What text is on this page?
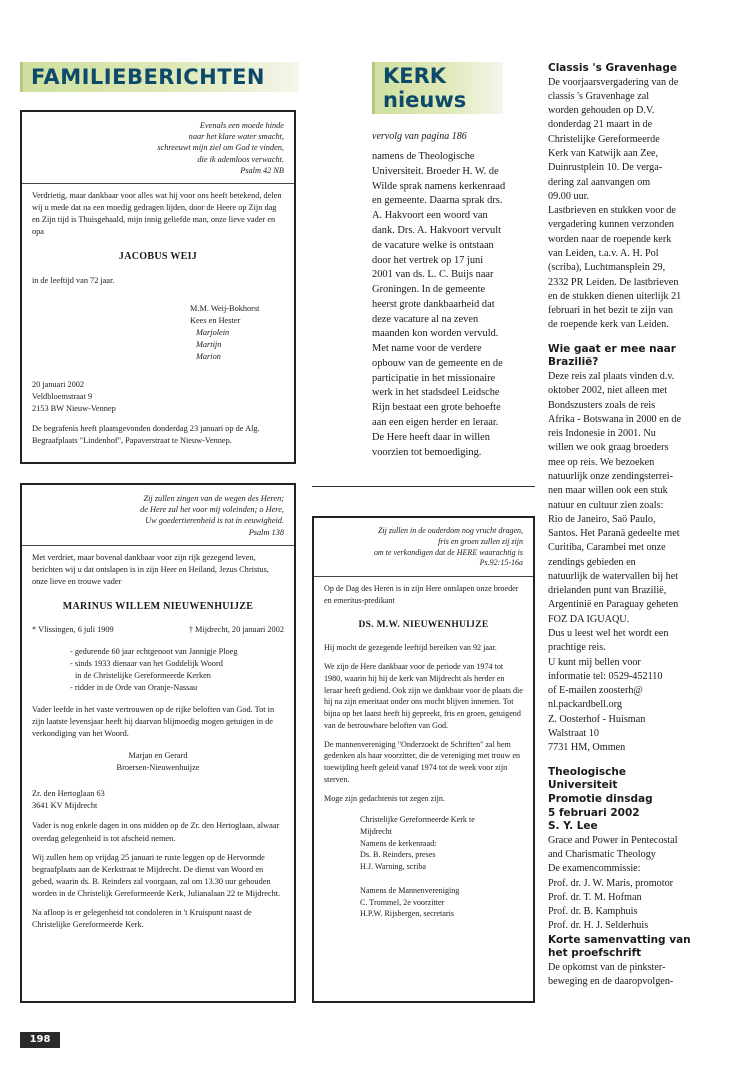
FAMILIEBERICHTEN	KERK
nieuws
Evenals een moede hinde
naar het klare water smacht,
schreeuwt mijn ziel om God te vinden,
die ik ademloos verwacht.
Psalm 42 NB

Verdrietig, maar dankbaar voor alles wat hij voor ons heeft betekend, delen wij u mede dat na een moedig gedragen lijden, door de Heere op Zijn dag en Zijn tijd is Thuisgehaald, mijn innig geliefde man, onze lieve vader en opa

JACOBUS WEIJ

in de leeftijd van 72 jaar.

M.M. Weij-Bokhorst
Kees en Hester
Marjolein
Martijn
Marion
20 januari 2002
Veldbloemstraat 9
2153 BW Nieuw-Vennep

De begrafenis heeft plaatsgevonden donderdag 23 januari op de Alg. Begraafplaats "Lindenhof", Papaverstraat te Nieuw-Vennep.

Zij zullen zingen van de wegen des Heren;
de Here zal het voor mij voleinden; o Here,
Uw goedertierenheid is tot in eeuwigheid.
Psalm 138

Met verdriet, maar bovenal dankbaar voor zijn rijk gezegend leven, berichten wij u dat ontslapen is in zijn Heer en Heiland, Jezus Christus, onze lieve en trouwe vader

MARINUS WILLEM NIEUWENHUIJZE
* Vlissingen, 6 juli 1909	† Mijdrecht, 20 januari 2002
- gedurende 60 jaar echtgenoot van Jannigje Ploeg
- sinds 1933 dienaar van het Goddelijk Woord
in de Christelijke Gereformeerde Kerken
- ridder in de Orde van Oranje-Nassau

Vader leefde in het vaste vertrouwen op de rijke beloften van God. Tot in zijn laatste levensjaar heeft hij daarvan blijmoedig mogen getuigen in de verkondiging van het Woord.

Marjan en Gerard
Broersen-Nieuwenhuijze
Zr. den Hertoglaan 63
3641 KV Mijdrecht

Vader is nog enkele dagen in ons midden op de Zr. den Hertoglaan, alwaar overdag gelegenheid is tot afscheid nemen.

Wij zullen hem op vrijdag 25 januari te ruste leggen op de Hervormde begraafplaats aan de Kerkstraat te Mijdrecht. De dienst van Woord en gebed, waarin ds. B. Reinders zal voorgaan, zal om 13.30 uur gehouden worden in de Christelijk Gereformeerde Kerk, Julianalaan 22 te Mijdrecht.

Na afloop is er gelegenheid tot condoleren in 't Kruispunt naast de Christelijke Gereformeerde Kerk.

Zij zullen in de ouderdom nog vrucht dragen,
fris en groen zullen zij zijn
om te verkondigen dat de HERE waarachtig is
Ps.92:15-16a

Op de Dag des Heren is in zijn Here ontslapen onze broeder en emeritus-predikant

DS. M.W. NIEUWENHUIJZE

Hij mocht de gezegende leeftijd bereiken van 92 jaar.

We zijn de Here dankbaar voor de periode van 1974 tot 1980, waarin hij hij de kerk van Mijdrecht als herder en leraar heeft gediend. Ook zijn we dankbaar voor de plaats die hij na zijn emeritaat onder ons mocht blijven innemen. Tot bijna op het laatst heeft hij gepreekt, fris en groen, getuigend van de betrouwbare beloften van God.

De mannenvereniging "Onderzoekt de Schriften" zal hem gedenken als haar voorzitter, die de vereniging met trouw en toewijding heeft geleid vanaf 1974 tot de week voor zijn sterven.

Moge zijn gedachtenis tot zegen zijn.

Christelijke Gereformeerde Kerk te
Mijdrecht
Namens de kerkenraad:
Ds. B. Reinders, preses
H.J. Warning, scriba
Namens de Mannenvereniging
C. Trommel, 2e voorzitter
H.P.W. Rijsbergen, secretaris
vervolg van pagina 186
namens de Theologische
Universiteit. Broeder H. W. de
Wilde sprak namens kerkenraad
en gemeente. Daarna sprak drs.
A. Hakvoort een woord van
dank. Drs. A. Hakvoort vervult
de vacature welke is ontstaan
door het vertrek op 17 juni
2001 van ds. L. C. Buijs naar
Groningen. In de gemeente
heerst grote dankbaarheid dat
deze vacature al na zeven
maanden kon worden vervuld.
Met name voor de verdere
opbouw van de gemeente en de
participatie in het missionaire
werk in het stadsdeel Leidsche
Rijn bestaat een grote behoefte
aan een eigen herder en leraar.
De Here heeft daar in willen
voorzien tot bemoediging.
Classis 's Gravenhage
De voorjaarsvergadering van de
classis 's Gravenhage zal
worden gehouden op D.V.
donderdag 21 maart in de
Christelijke Gereformeerde
Kerk van Katwijk aan Zee,
Duinrustplein 10. De verga-
dering zal aanvangen om
09.00 uur.
Lastbrieven en stukken voor de
vergadering kunnen verzonden
worden naar de roepende kerk
van Leiden, t.a.v. A. H. Pol
(scriba), Luchtmansplein 29,
2332 PR Leiden. De lastbrieven
en de stukken dienen uiterlijk 21
februari in het bezit te zijn van
de roepende kerk van Leiden.
Wie gaat er mee naar
Brazilië?
Deze reis zal plaats vinden d.v.
oktober 2002, niet alleen met
Bondszusters zoals de reis
Afrika - Botswana in 2000 en de
reis Indonesie in 2001. Nu
willen we ook graag broeders
mee op reis. We bezoeken
natuurlijk onze zendingsterrei-
nen maar willen ook een stuk
natuur en cultuur zien zoals:
Rio de Janeiro, Saö Paulo,
Santos. Het Paranä gedeelte met
Curitiba, Carambei met onze
zendings gebieden en
natuurlijk de watervallen bij het
drielanden punt van Brazilië,
Argentinië en Paraguay geheten
FOZ DA IGUAQU.
Dus u leest wel het wordt een
prachtige reis.
U kunt mij bellen voor
informatie tel: 0529-452110
of E-mailen zoosterh@
nl.packardbell.org
Z. Oosterhof - Huisman
Walstraat 10
7731 HM, Ommen
Theologische
Universiteit
Promotie dinsdag
5 februari 2002
S. Y. Lee
Grace and Power in Pentecostal
and Charismatic Theology
De examencommissie:
Prof. dr. J. W. Maris, promotor
Prof. dr. T. M. Hofman
Prof. dr. B. Kamphuis
Prof. dr. H. J. Selderhuis
Korte samenvatting van
het proefschrift
De opkomst van de pinkster-
beweging en de daaropvolgen-
198
